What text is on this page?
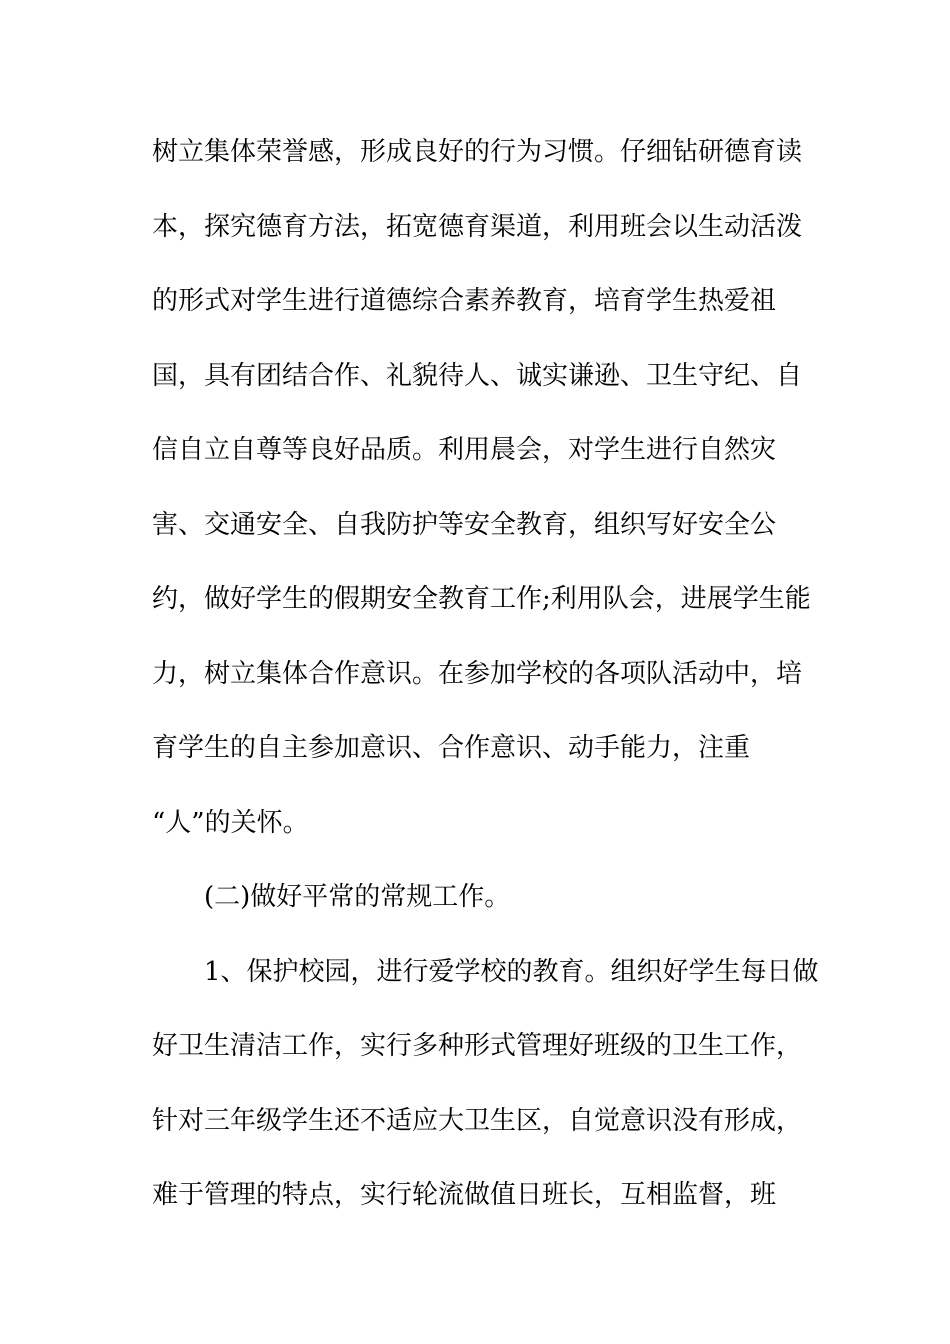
树立集体荣誉感，形成良好的行为习惯。仔细钻研德育读
本，探究德育方法，拓宽德育渠道，利用班会以生动活泼
的形式对学生进行道德综合素养教育，培育学生热爱祖
国，具有团结合作、礼貌待人、诚实谦逊、卫生守纪、自
信自立自尊等良好品质。利用晨会，对学生进行自然灾
害、交通安全、自我防护等安全教育，组织写好安全公
约，做好学生的假期安全教育工作;利用队会，进展学生能
力，树立集体合作意识。在参加学校的各项队活动中，培
育学生的自主参加意识、合作意识、动手能力，注重
“人”的关怀。
(二)做好平常的常规工作。
1、保护校园，进行爱学校的教育。组织好学生每日做
好卫生清洁工作，实行多种形式管理好班级的卫生工作，
针对三年级学生还不适应大卫生区，自觉意识没有形成，
难于管理的特点，实行轮流做值日班长，互相监督，班
